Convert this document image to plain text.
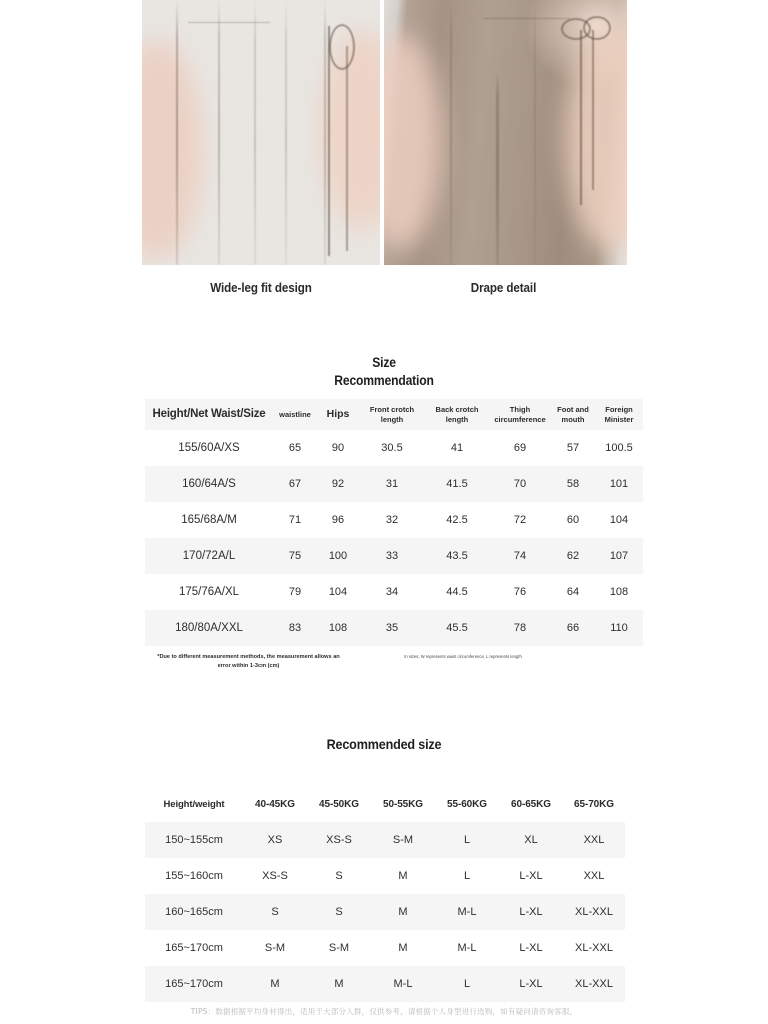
Wide-leg fit design	Drape detail
Size
Recommendation
Height/Net Waist/Size	waistline	Hips	Front crotch length	Back crotch length	Thigh circumference	Foot and mouth	Foreign Minister
155/60A/XS	65	90	30.5	41	69	57	100.5
160/64A/S	67	92	31	41.5	70	58	101
165/68A/M	71	96	32	42.5	72	60	104
170/72A/L	75	100	33	43.5	74	62	107
175/76A/XL	79	104	34	44.5	76	64	108
180/80A/XXL	83	108	35	45.5	78	66	110
*Due to different measurement methods, the measurement allows an error within 1-3cm (cm)
In sizes, W represents waist circumference, L represents length
Recommended size
Height/weight	40-45KG	45-50KG	50-55KG	55-60KG	60-65KG	65-70KG
150~155cm	XS	XS-S	S-M	L	XL	XXL
155~160cm	XS-S	S	M	L	L-XL	XXL
160~165cm	S	S	M	M-L	L-XL	XL-XXL
165~170cm	S-M	S-M	M	M-L	L-XL	XL-XXL
165~170cm	M	M	M-L	L	L-XL	XL-XXL
TIPS：数据根据平均身材得出，适用于大部分人群，仅供参考，请根据个人身型进行选购，如有疑问请咨询客服。
